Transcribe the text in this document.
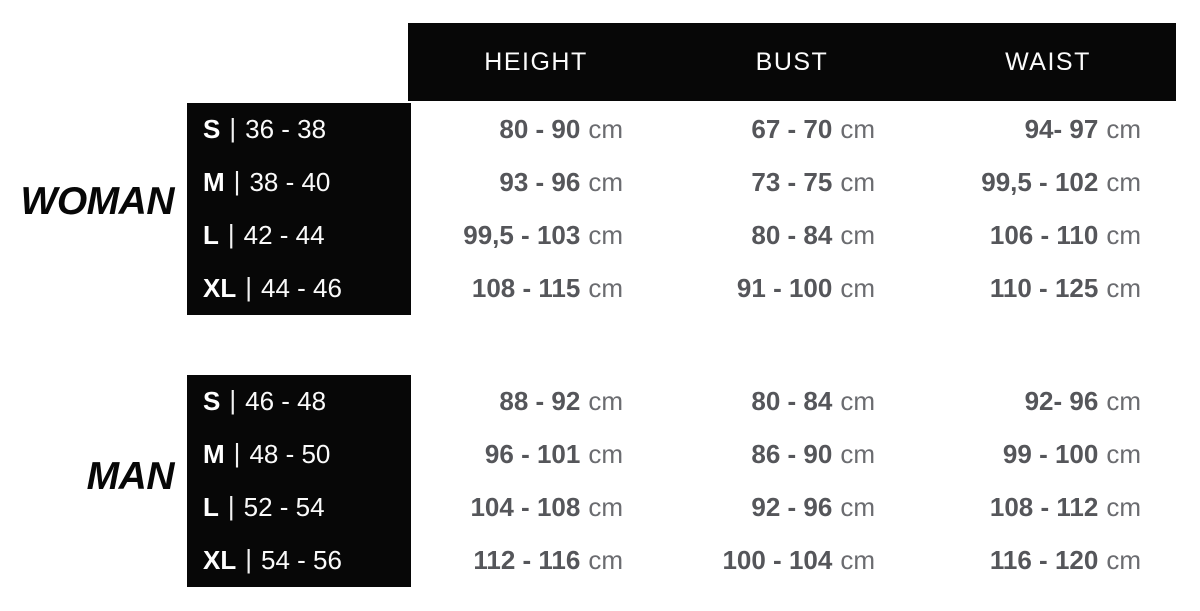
HEIGHT	BUST	WAIST
WOMAN
MAN
S | 36 - 38	80 - 90 cm	67 - 70 cm	94- 97 cm
M | 38 - 40	93 - 96 cm	73 - 75 cm	99,5 - 102 cm
L | 42 - 44	99,5 - 103 cm	80 - 84 cm	106 - 110 cm
XL | 44 - 46	108 - 115 cm	91 - 100 cm	110 - 125 cm
S | 46 - 48	88 - 92 cm	80 - 84 cm	92- 96 cm
M | 48 - 50	96 - 101 cm	86 - 90 cm	99 - 100 cm
L | 52 - 54	104 - 108 cm	92 - 96 cm	108 - 112 cm
XL | 54 - 56	112 - 116 cm	100 - 104 cm	116 - 120 cm
